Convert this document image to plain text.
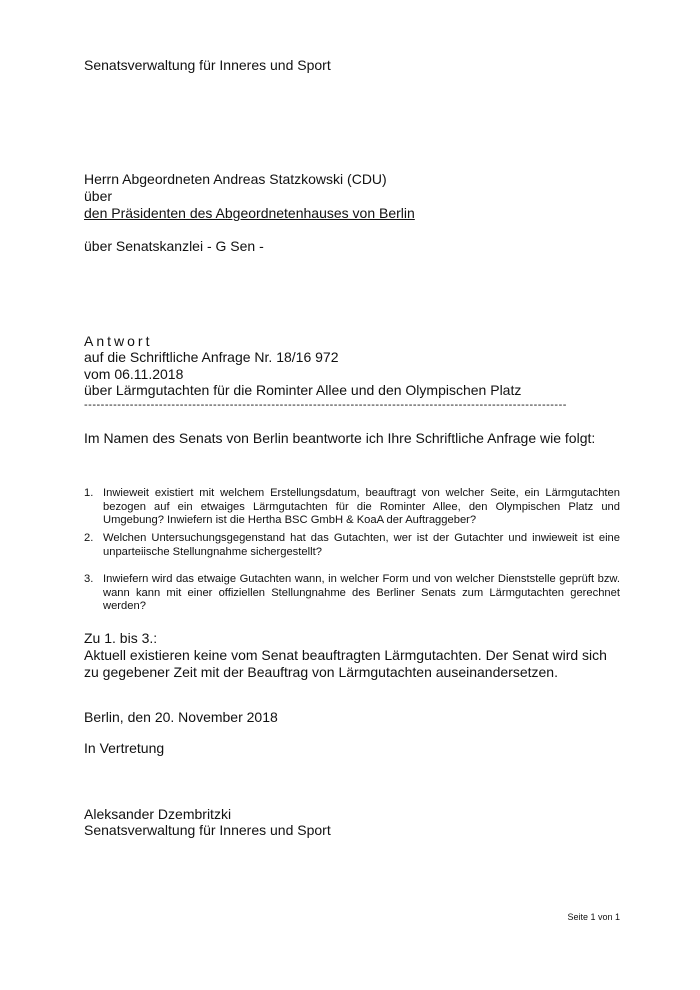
Senatsverwaltung für Inneres und Sport
Herrn Abgeordneten Andreas Statzkowski (CDU)
über
den Präsidenten des Abgeordnetenhauses von Berlin
über Senatskanzlei - G Sen -
Antwort
auf die Schriftliche Anfrage Nr. 18/16 972
vom 06.11.2018
über Lärmgutachten für die Rominter Allee und den Olympischen Platz
--------------------------------------------------------------------------------------------------------------------
Im Namen des Senats von Berlin beantworte ich Ihre Schriftliche Anfrage wie folgt:
1. Inwieweit existiert mit welchem Erstellungsdatum, beauftragt von welcher Seite, ein Lärmgutachten bezogen auf ein etwaiges Lärmgutachten für die Rominter Allee, den Olympischen Platz und Umgebung? Inwiefern ist die Hertha BSC GmbH & KoaA der Auftraggeber?
2. Welchen Untersuchungsgegenstand hat das Gutachten, wer ist der Gutachter und inwieweit ist eine unparteiische Stellungnahme sichergestellt?
3. Inwiefern wird das etwaige Gutachten wann, in welcher Form und von welcher Dienststelle geprüft bzw. wann kann mit einer offiziellen Stellungnahme des Berliner Senats zum Lärmgutachten gerechnet werden?
Zu 1. bis 3.:
Aktuell existieren keine vom Senat beauftragten Lärmgutachten. Der Senat wird sich zu gegebener Zeit mit der Beauftrag von Lärmgutachten auseinandersetzen.
Berlin, den 20. November 2018
In Vertretung
Aleksander Dzembritzki
Senatsverwaltung für Inneres und Sport
Seite 1 von 1
